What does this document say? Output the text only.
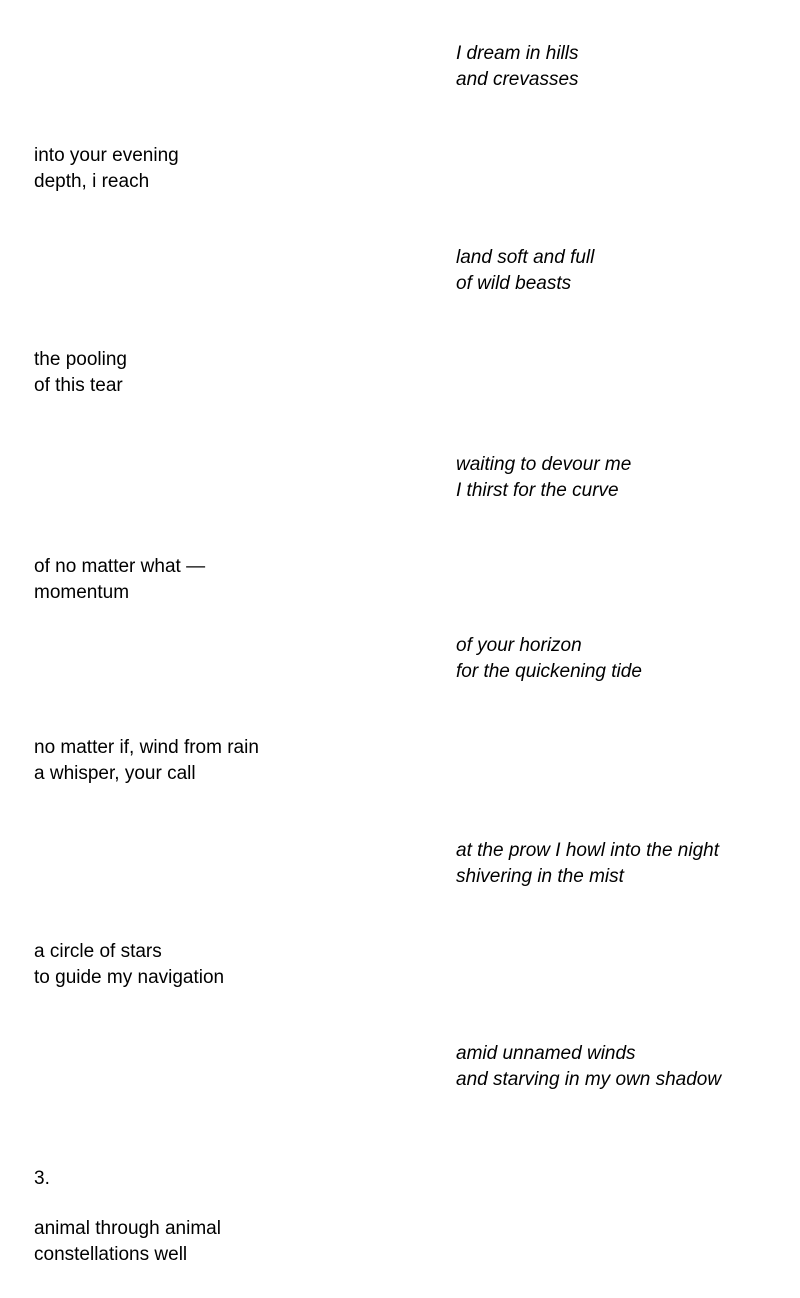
I dream in hills
and crevasses
into your evening
depth, i reach
land soft and full
of wild beasts
the pooling
of this tear
waiting to devour me
I thirst for the curve
of no matter what —
momentum
of your horizon
for the quickening tide
no matter if, wind from rain
a whisper, your call
at the prow I howl into the night
shivering in the mist
a circle of stars
to guide my navigation
amid unnamed winds
and starving in my own shadow
3.
animal through animal
constellations well
